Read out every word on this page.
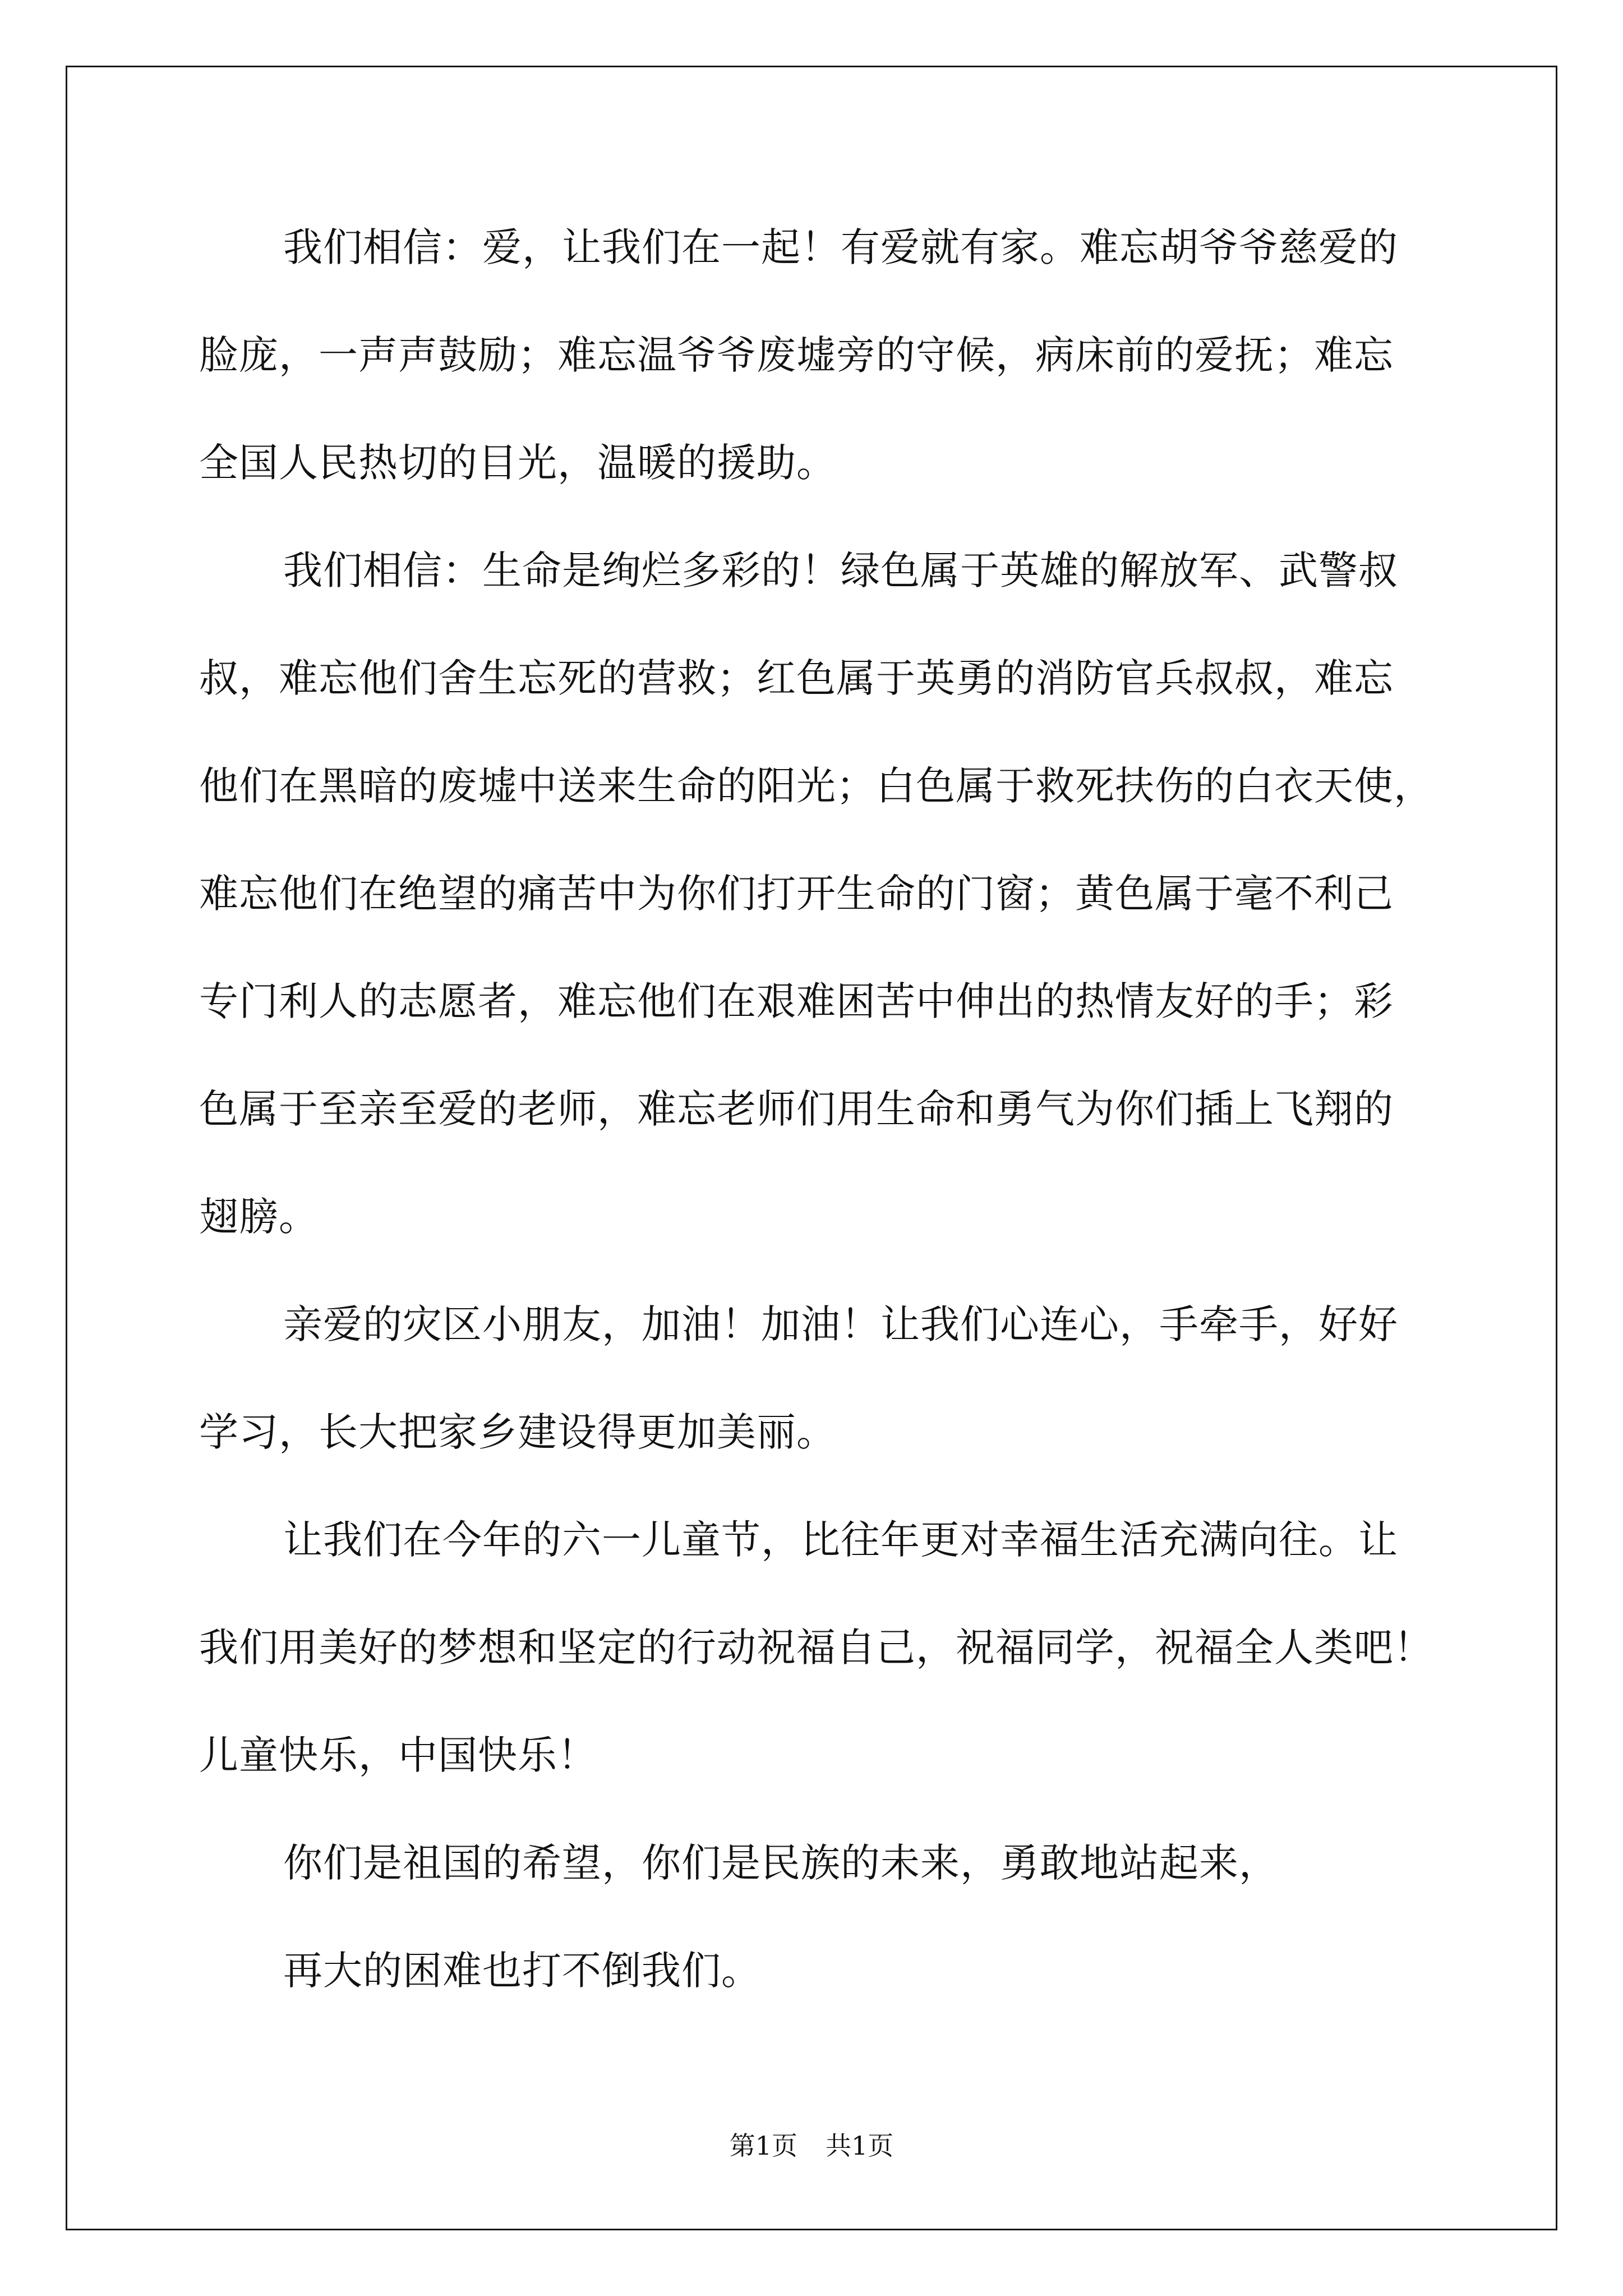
我们相信：爱，让我们在一起！有爱就有家。难忘胡爷爷慈爱的
脸庞，一声声鼓励；难忘温爷爷废墟旁的守候，病床前的爱抚；难忘
全国人民热切的目光，温暖的援助。

我们相信：生命是绚烂多彩的！绿色属于英雄的解放军、武警叔
叔，难忘他们舍生忘死的营救；红色属于英勇的消防官兵叔叔，难忘
他们在黑暗的废墟中送来生命的阳光；白色属于救死扶伤的白衣天使，
难忘他们在绝望的痛苦中为你们打开生命的门窗；黄色属于毫不利己
专门利人的志愿者，难忘他们在艰难困苦中伸出的热情友好的手；彩
色属于至亲至爱的老师，难忘老师们用生命和勇气为你们插上飞翔的
翅膀。

亲爱的灾区小朋友，加油！加油！让我们心连心，手牵手，好好
学习，长大把家乡建设得更加美丽。

让我们在今年的六一儿童节，比往年更对幸福生活充满向往。让
我们用美好的梦想和坚定的行动祝福自己，祝福同学，祝福全人类吧！
儿童快乐，中国快乐！

你们是祖国的希望，你们是民族的未来，勇敢地站起来，

再大的困难也打不倒我们。

第1页 共1页
